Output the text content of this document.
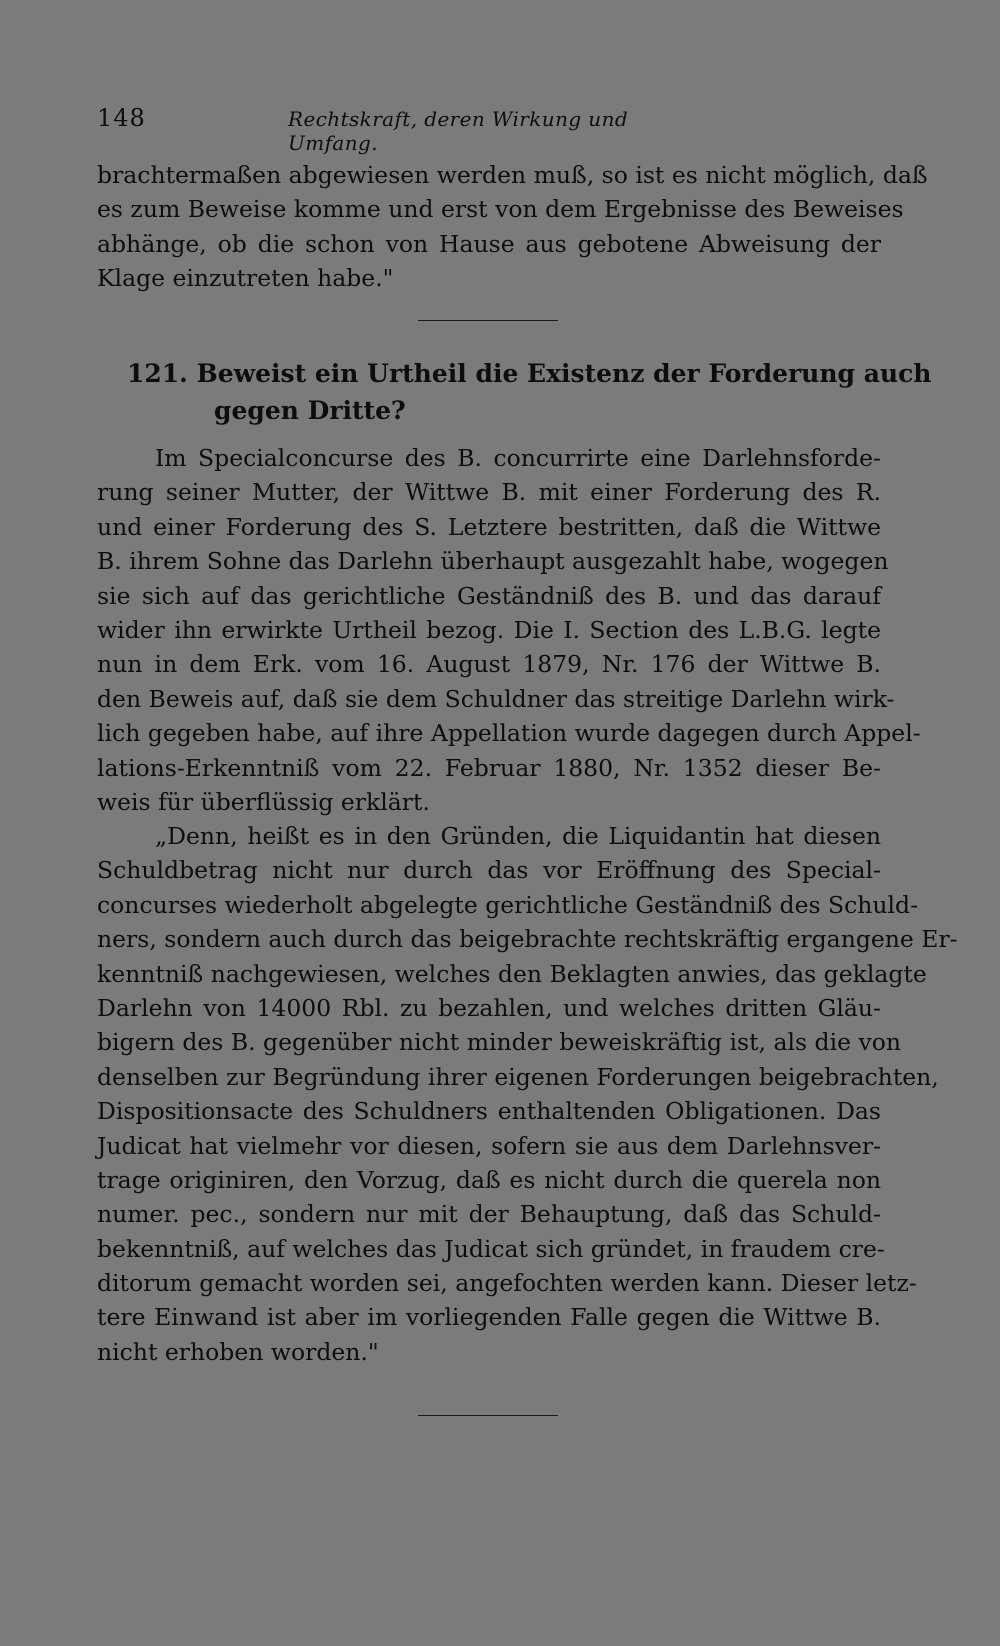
148	Rechtskraft, deren Wirkung und Umfang.
brachtermaßen abgewiesen werden muß, so ist es nicht möglich, daß
es zum Beweise komme und erst von dem Ergebnisse des Beweises
abhänge, ob die schon von Hause aus gebotene Abweisung der
Klage einzutreten habe."
121. Beweist ein Urtheil die Existenz der Forderung auch
gegen Dritte?
Im Specialconcurse des B. concurrirte eine Darlehnsforde-
rung seiner Mutter, der Wittwe B. mit einer Forderung des R.
und einer Forderung des S. Letztere bestritten, daß die Wittwe
B. ihrem Sohne das Darlehn überhaupt ausgezahlt habe, wogegen
sie sich auf das gerichtliche Geständniß des B. und das darauf
wider ihn erwirkte Urtheil bezog. Die I. Section des L.B.G. legte
nun in dem Erk. vom 16. August 1879, Nr. 176 der Wittwe B.
den Beweis auf, daß sie dem Schuldner das streitige Darlehn wirk-
lich gegeben habe, auf ihre Appellation wurde dagegen durch Appel-
lations-Erkenntniß vom 22. Februar 1880, Nr. 1352 dieser Be-
weis für überflüssig erklärt.
„Denn, heißt es in den Gründen, die Liquidantin hat diesen
Schuldbetrag nicht nur durch das vor Eröffnung des Special-
concurses wiederholt abgelegte gerichtliche Geständniß des Schuld-
ners, sondern auch durch das beigebrachte rechtskräftig ergangene Er-
kenntniß nachgewiesen, welches den Beklagten anwies, das geklagte
Darlehn von 14000 Rbl. zu bezahlen, und welches dritten Gläu-
bigern des B. gegenüber nicht minder beweiskräftig ist, als die von
denselben zur Begründung ihrer eigenen Forderungen beigebrachten,
Dispositionsacte des Schuldners enthaltenden Obligationen. Das
Judicat hat vielmehr vor diesen, sofern sie aus dem Darlehnsver-
trage originiren, den Vorzug, daß es nicht durch die querela non
numer. pec., sondern nur mit der Behauptung, daß das Schuld-
bekenntniß, auf welches das Judicat sich gründet, in fraudem cre-
ditorum gemacht worden sei, angefochten werden kann. Dieser letz-
tere Einwand ist aber im vorliegenden Falle gegen die Wittwe B.
nicht erhoben worden."
